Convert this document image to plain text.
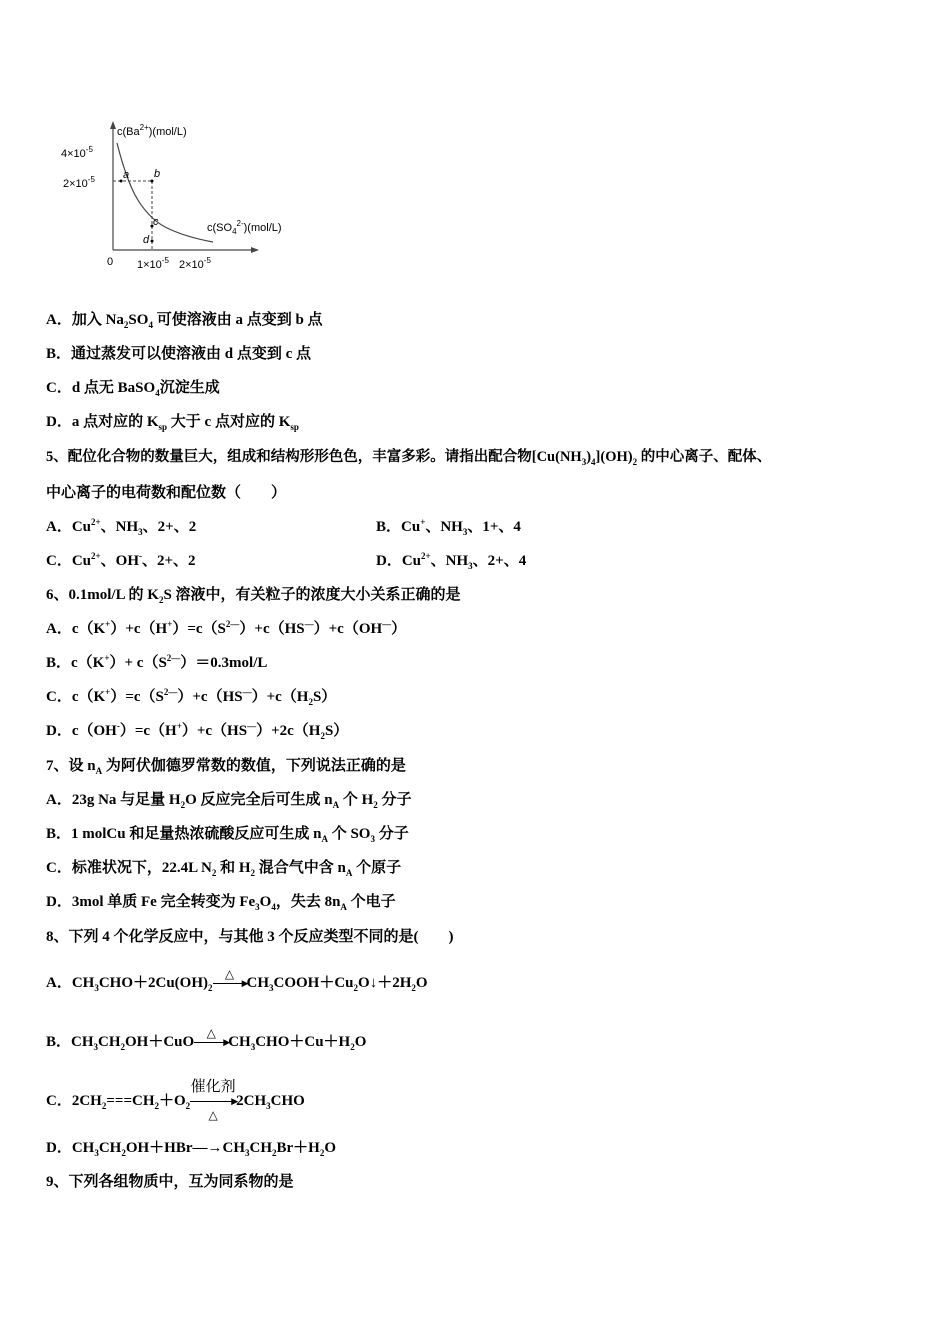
$c(Ba^{2+})(mol/L)$
$4\times 10^{-5}$
$2\times 10^{-5}$	a b
c
d
$c(SO_4^{2-})(mol/L)$
0 $1\times 10^{-5}$ $2\times 10^{-5}$
A．加入 $Na_2SO_4$ 可使溶液由 a 点变到 b 点
B．通过蒸发可以使溶液由 d 点变到 c 点
C．d 点无 BaSO$_4$沉淀生成
D．a 点对应的 $K_{sp}$ 大于 c 点对应的 $K_{sp}$
5、配位化合物的数量巨大，组成和结构形形色色，丰富多彩。请指出配合物$[Cu(NH_3)_4](OH)_2$ 的中心离子、配体、
中心离子的电荷数和配位数（　　）
A．$Cu^{2+}$、$NH_3$、2+、2	B．Cu+、$NH_3$、1+、4
C．$Cu^{2+}$、OH-、2+、2	D．$Cu^{2+}$、$NH_3$、2+、4
6、0.1mol/L 的 $K_2S$ 溶液中，有关粒子的浓度大小关系正确的是
A．$c(K^+)+c(H^+)=c(S^{2—})+c(HS^—)+c(OH^—)$
B．$c(K^+)+ c(S^{2—})=0.3mol/L$
C．$c(K^+)=c(S^{2—})+c(HS^—)+c(H_2S)$
D．$c(OH^-)=c(H^+)+c(HS^—)+2c(H_2S)$
7、设 $n_A$ 为阿伏伽德罗常数的数值，下列说法正确的是
A．23g Na 与足量 $H_2O$ 反应完全后可生成 $n_A$ 个 $H_2$ 分子
B．1 molCu 和足量热浓硫酸反应可生成 $n_A$ 个 $SO_3$ 分子
C．标准状况下，22.4L $N_2$ 和 $H_2$ 混合气中含 $n_A$ 个原子
D．3mol 单质 Fe 完全转变为 $Fe_3O_4$，失去 $8n_A$ 个电子
8、下列 4 个化学反应中，与其他 3 个反应类型不同的是(　　)
A．$CH_3CHO+2Cu(OH)_2$
△
▶
$CH_3COOH+Cu_2O↓+2H_2O$
B．$CH_3CH_2OH+CuO$
△
▶
$CH_3CHO+Cu+H_2O$
C．$2CH_2===CH_2+O_2$
催化剂
▶
△
$2CH_3CHO$
D．$CH_3CH_2OH+HBr—\to CH_3CH_2Br+H_2O$
9、下列各组物质中，互为同系物的是
